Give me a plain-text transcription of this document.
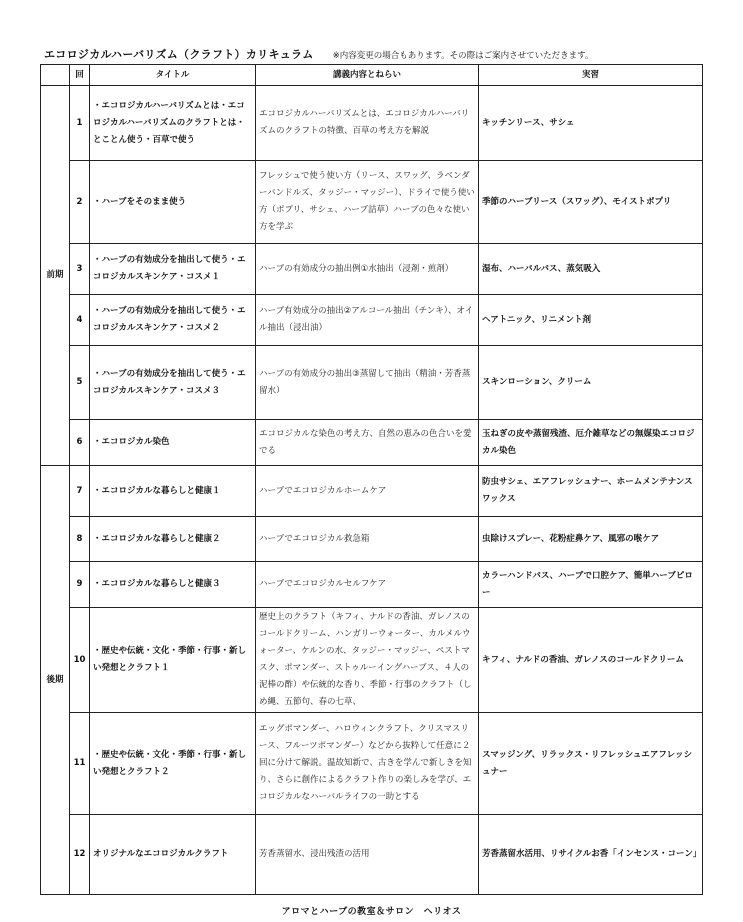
エコロジカルハーバリズム（クラフト）カリキュラム ※内容変更の場合もあります。その際はご案内させていただきます。
	回	タイトル	講義内容とねらい	実習
前期	1	・エコロジカルハーバリズムとは・エコロジカルハーバリズムのクラフトとは・とことん使う・百草で使う	エコロジカルハーバリズムとは、エコロジカルハーバリズムのクラフトの特徴、百草の考え方を解説	キッチンリース、サシェ
	2	・ハーブをそのまま使う	フレッシュで使う使い方（リース、スワッグ、ラベンダーバンドルズ、タッジー・マッジー）、ドライで使う使い方（ポプリ、サシェ、ハーブ詰草）ハーブの色々な使い方を学ぶ	季節のハーブリース（スワッグ）、モイストポプリ
	3	・ハーブの有効成分を抽出して使う・エコロジカルスキンケア・コスメ１	ハーブの有効成分の抽出例①水抽出（浸剤・煎剤）	湿布、ハーバルバス、蒸気吸入
	4	・ハーブの有効成分を抽出して使う・エコロジカルスキンケア・コスメ２	ハーブ有効成分の抽出②アルコール抽出（チンキ）、オイル抽出（浸出油）	ヘアトニック、リニメント剤
	5	・ハーブの有効成分を抽出して使う・エコロジカルスキンケア・コスメ３	ハーブの有効成分の抽出③蒸留して抽出（精油・芳香蒸留水）	スキンローション、クリーム
	6	・エコロジカル染色	エコロジカルな染色の考え方、自然の恵みの色合いを愛でる	玉ねぎの皮や蒸留残渣、厄介雑草などの無媒染エコロジカル染色
後期	7	・エコロジカルな暮らしと健康１	ハーブでエコロジカルホームケア	防虫サシェ、エアフレッシュナー、ホームメンテナンスワックス
	8	・エコロジカルな暮らしと健康２	ハーブでエコロジカル救急箱	虫除けスプレー、花粉症鼻ケア、風邪の喉ケア
	9	・エコロジカルな暮らしと健康３	ハーブでエコロジカルセルフケア	カラーハンドバス、ハーブで口腔ケア、簡単ハーブピロー
	10	・歴史や伝統・文化・季節・行事・新しい発想とクラフト１	歴史上のクラフト（キフィ、ナルドの香油、ガレノスのコールドクリーム、ハンガリーウォーター、カルメルウォーター、ケルンの水、タッジー・マッジー、ペストマスク、ポマンダー、ストゥルーイングハーブス、４人の泥棒の酢）や伝統的な香り、季節・行事のクラフト（しめ縄、五節句、春の七草、	キフィ、ナルドの香油、ガレノスのコールドクリーム
	11	・歴史や伝統・文化・季節・行事・新しい発想とクラフト２	エッグポマンダー、ハロウィンクラフト、クリスマスリース、フルーツポマンダー）などから抜粋して任意に２回に分けて解説。温故知新で、古きを学んで新しきを知り、さらに創作によるクラフト作りの楽しみを学び、エコロジカルなハーバルライフの一助とする	スマッジング、リラックス・リフレッシュエアフレッシュナー
	12	オリジナルなエコロジカルクラフト	芳香蒸留水、浸出残渣の活用	芳香蒸留水活用、リサイクルお香「インセンス・コーン」
アロマとハーブの教室＆サロン　ヘリオス
